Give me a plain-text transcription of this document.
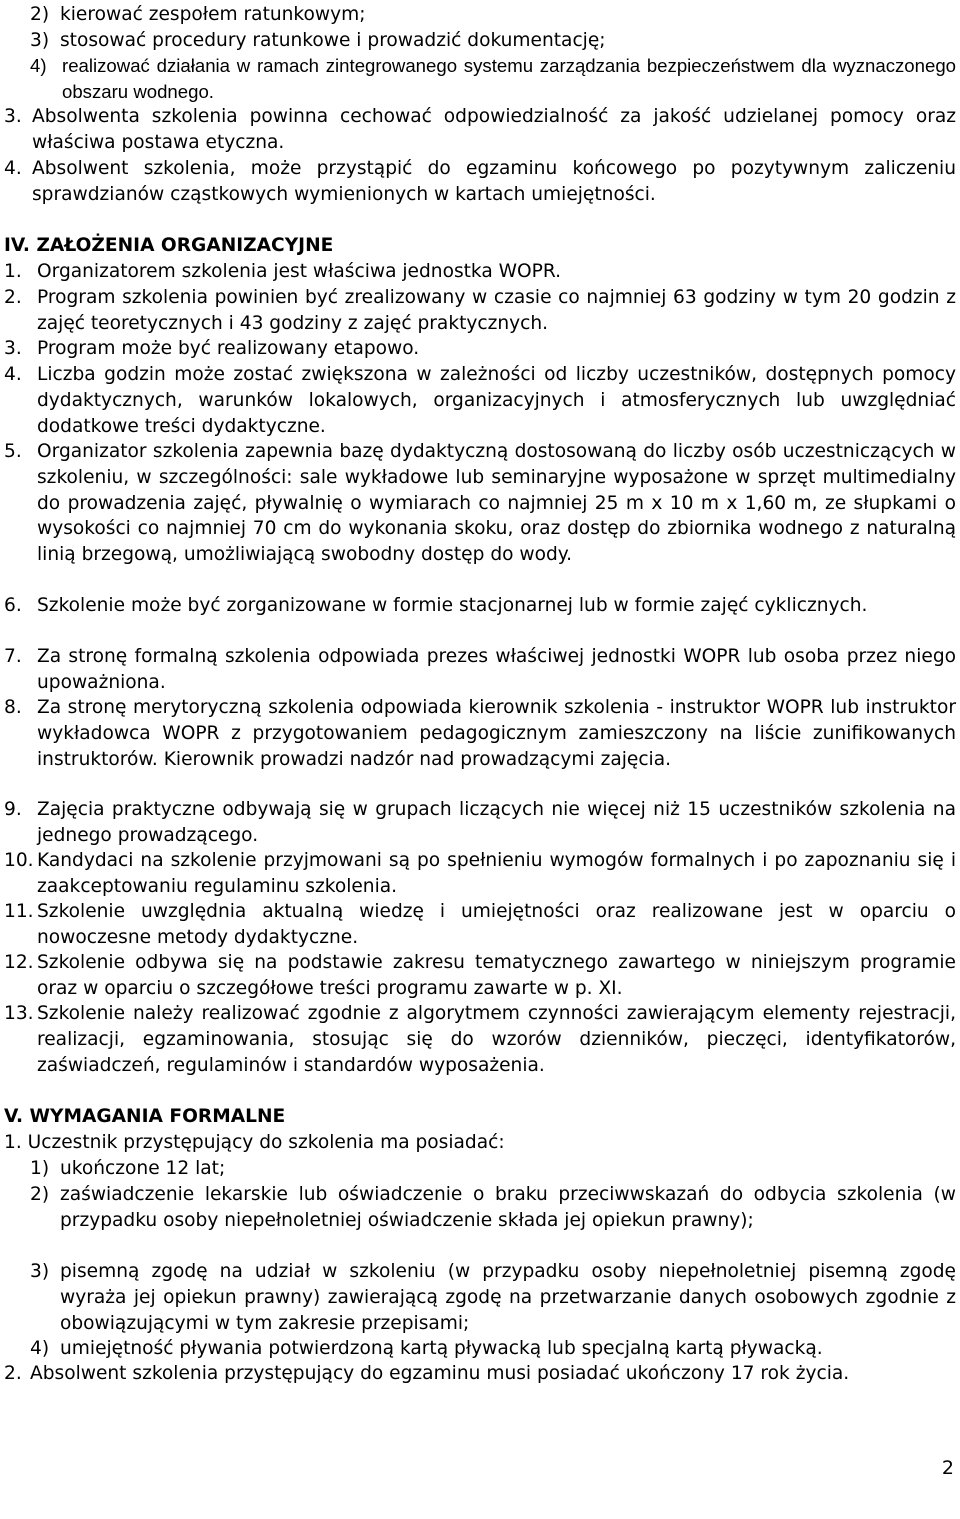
2) kierować zespołem ratunkowym;
3) stosować procedury ratunkowe i prowadzić dokumentację;
4) realizować działania w ramach zintegrowanego systemu zarządzania bezpieczeństwem dla wyznaczonego obszaru wodnego.
3. Absolwenta szkolenia powinna cechować odpowiedzialność za jakość udzielanej pomocy oraz właściwa postawa etyczna.
4. Absolwent szkolenia, może przystąpić do egzaminu końcowego po pozytywnym zaliczeniu sprawdzianów cząstkowych wymienionych w kartach umiejętności.
IV. ZAŁOŻENIA ORGANIZACYJNE
1. Organizatorem szkolenia jest właściwa jednostka WOPR.
2. Program szkolenia powinien być zrealizowany w czasie co najmniej 63 godziny w tym 20 godzin z zajęć teoretycznych i 43 godziny z zajęć praktycznych.
3. Program może być realizowany etapowo.
4. Liczba godzin może zostać zwiększona w zależności od liczby uczestników, dostępnych pomocy dydaktycznych, warunków lokalowych, organizacyjnych i atmosferycznych lub uwzględniać dodatkowe treści dydaktyczne.
5. Organizator szkolenia zapewnia bazę dydaktyczną dostosowaną do liczby osób uczestniczących w szkoleniu, w szczególności: sale wykładowe lub seminaryjne wyposażone w sprzęt multimedialny do prowadzenia zajęć, pływalnię o wymiarach co najmniej 25 m x 10 m x 1,60 m, ze słupkami o wysokości co najmniej 70 cm do wykonania skoku, oraz dostęp do zbiornika wodnego z naturalną linią brzegową, umożliwiającą swobodny dostęp do wody.
6. Szkolenie może być zorganizowane w formie stacjonarnej lub w formie zajęć cyklicznych.
7. Za stronę formalną szkolenia odpowiada prezes właściwej jednostki WOPR lub osoba przez niego upoważniona.
8. Za stronę merytoryczną szkolenia odpowiada kierownik szkolenia - instruktor WOPR lub instruktor wykładowca WOPR z przygotowaniem pedagogicznym zamieszczony na liście zunifikowanych instruktorów. Kierownik prowadzi nadzór nad prowadzącymi zajęcia.
9. Zajęcia praktyczne odbywają się w grupach liczących nie więcej niż 15 uczestników szkolenia na jednego prowadzącego.
10. Kandydaci na szkolenie przyjmowani są po spełnieniu wymogów formalnych i po zapoznaniu się i zaakceptowaniu regulaminu szkolenia.
11. Szkolenie uwzględnia aktualną wiedzę i umiejętności oraz realizowane jest w oparciu o nowoczesne metody dydaktyczne.
12. Szkolenie odbywa się na podstawie zakresu tematycznego zawartego w niniejszym programie oraz w oparciu o szczegółowe treści programu zawarte w p. XI.
13. Szkolenie należy realizować zgodnie z algorytmem czynności zawierającym elementy rejestracji, realizacji, egzaminowania, stosując się do wzorów dzienników, pieczęci, identyfikatorów, zaświadczeń, regulaminów i standardów wyposażenia.
V. WYMAGANIA FORMALNE
1. Uczestnik przystępujący do szkolenia ma posiadać:
1) ukończone 12 lat;
2) zaświadczenie lekarskie lub oświadczenie o braku przeciwwskazań do odbycia szkolenia (w przypadku osoby niepełnoletniej oświadczenie składa jej opiekun prawny);
3) pisemną zgodę na udział w szkoleniu (w przypadku osoby niepełnoletniej pisemną zgodę wyraża jej opiekun prawny) zawierającą zgodę na przetwarzanie danych osobowych zgodnie z obowiązującymi w tym zakresie przepisami;
4) umiejętność pływania potwierdzoną kartą pływacką lub specjalną kartą pływacką.
2. Absolwent szkolenia przystępujący do egzaminu musi posiadać ukończony 17 rok życia.
2
